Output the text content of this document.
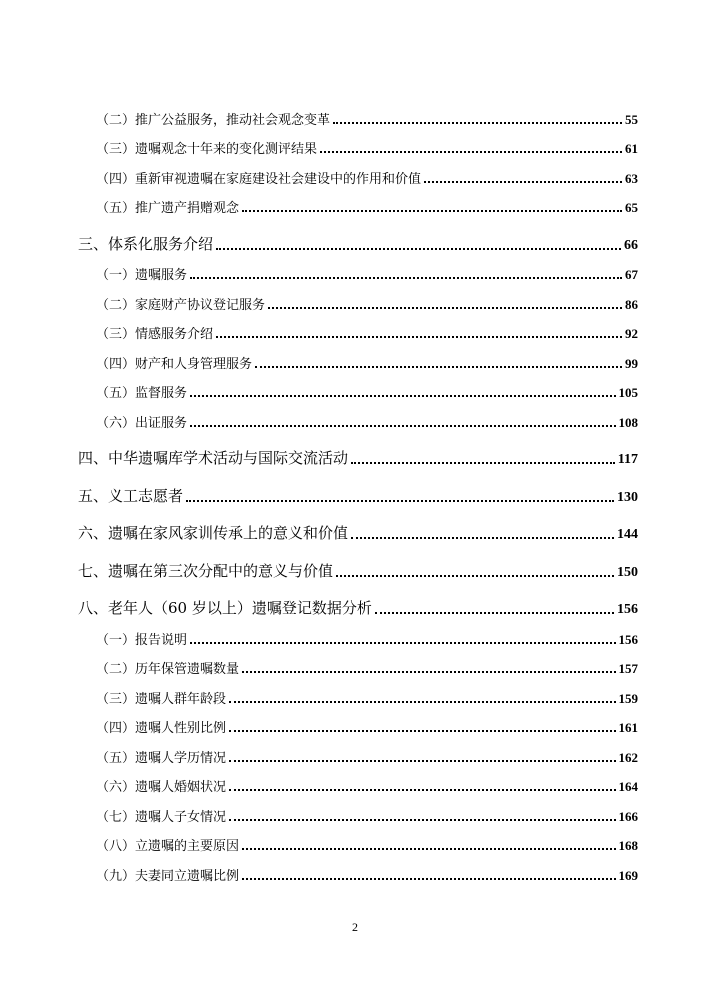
（二）推广公益服务，推动社会观念变革	55
（三）遗嘱观念十年来的变化测评结果	61
（四）重新审视遗嘱在家庭建设社会建设中的作用和价值	63
（五）推广遗产捐赠观念	65
三、体系化服务介绍	66
（一）遗嘱服务	67
（二）家庭财产协议登记服务	86
（三）情感服务介绍	92
（四）财产和人身管理服务	99
（五）监督服务	105
（六）出证服务	108
四、中华遗嘱库学术活动与国际交流活动	117
五、义工志愿者	130
六、遗嘱在家风家训传承上的意义和价值	144
七、遗嘱在第三次分配中的意义与价值	150
八、老年人（60 岁以上）遗嘱登记数据分析	156
（一）报告说明	156
（二）历年保管遗嘱数量	157
（三）遗嘱人群年龄段	159
（四）遗嘱人性别比例	161
（五）遗嘱人学历情况	162
（六）遗嘱人婚姻状况	164
（七）遗嘱人子女情况	166
（八）立遗嘱的主要原因	168
（九）夫妻同立遗嘱比例	169
2
